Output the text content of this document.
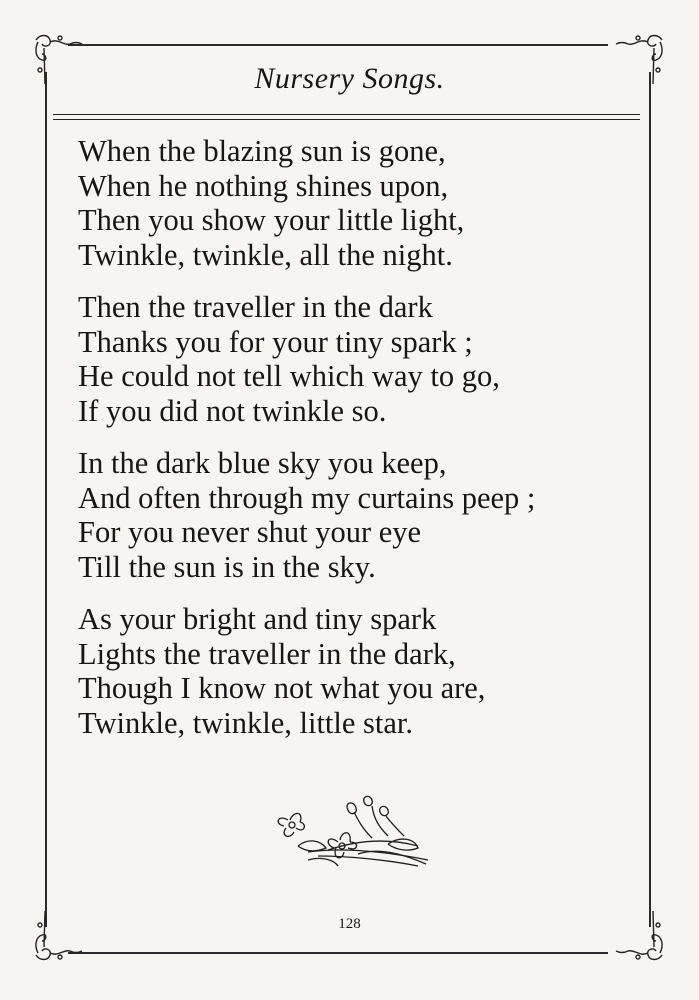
Nursery Songs.
When the blazing sun is gone,
When he nothing shines upon,
Then you show your little light,
Twinkle, twinkle, all the night.
Then the traveller in the dark
Thanks you for your tiny spark ;
He could not tell which way to go,
If you did not twinkle so.
In the dark blue sky you keep,
And often through my curtains peep ;
For you never shut your eye
Till the sun is in the sky.
As your bright and tiny spark
Lights the traveller in the dark,
Though I know not what you are,
Twinkle, twinkle, little star.
128
